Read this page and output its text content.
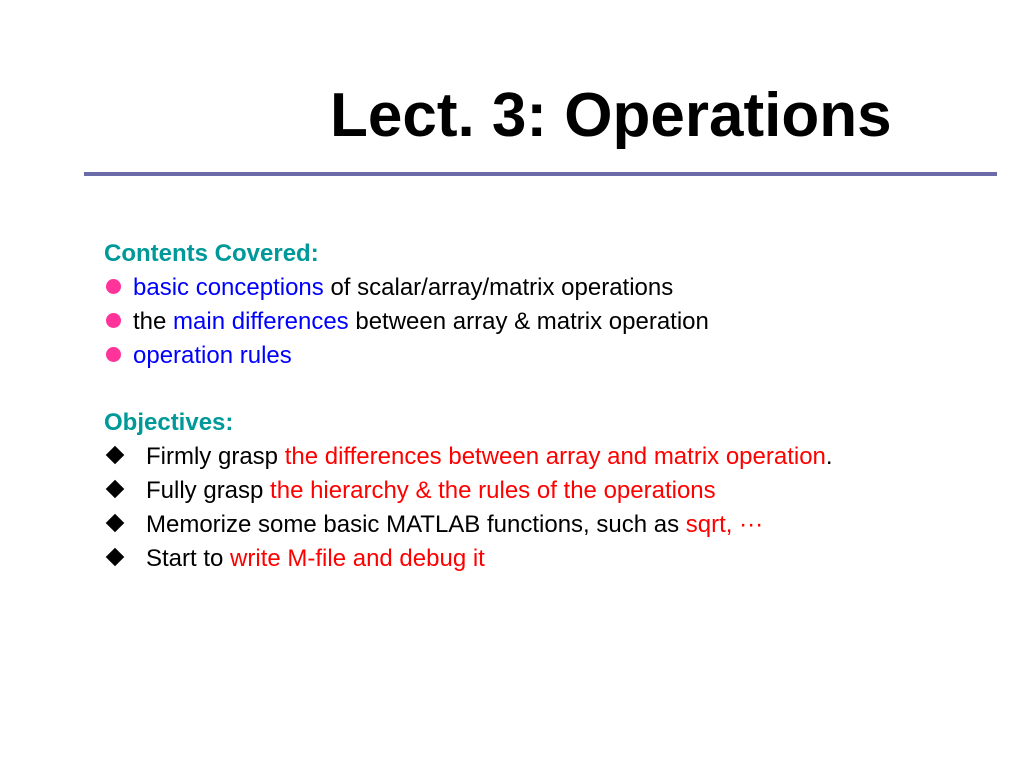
Lect. 3: Operations
Contents Covered:
basic conceptions of scalar/array/matrix operations
the main differences between array & matrix operation
operation rules
Objectives:
Firmly grasp the differences between array and matrix operation.
Fully grasp the hierarchy & the rules of the operations
Memorize some basic MATLAB functions, such as sqrt, ···
Start to write M-file and debug it
